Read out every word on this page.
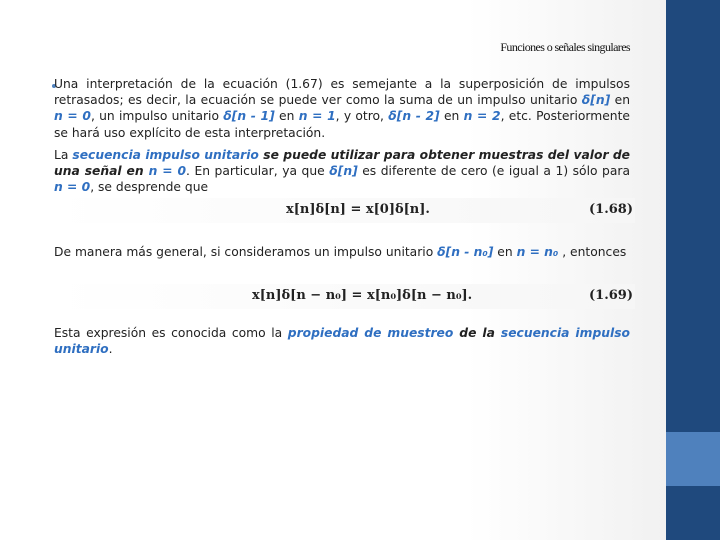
Funciones o señales singulares
Una interpretación de la ecuación (1.67) es semejante a la superposición de impulsos retrasados; es decir, la ecuación se puede ver como la suma de un impulso unitario δ[n] en n = 0, un impulso unitario δ[n - 1] en n = 1, y otro, δ[n - 2] en n = 2, etc. Posteriormente se hará uso explícito de esta interpretación.
La secuencia impulso unitario se puede utilizar para obtener muestras del valor de una señal en n = 0. En particular, ya que δ[n] es diferente de cero (e igual a 1) sólo para n = 0, se desprende que
x[n]δ[n] = x[0]δ[n].	(1.68)
De manera más general, si consideramos un impulso unitario δ[n - n₀] en n = n₀ , entonces
x[n]δ[n − n₀] = x[n₀]δ[n − n₀].	(1.69)
Esta expresión es conocida como la propiedad de muestreo de la secuencia impulso unitario.
